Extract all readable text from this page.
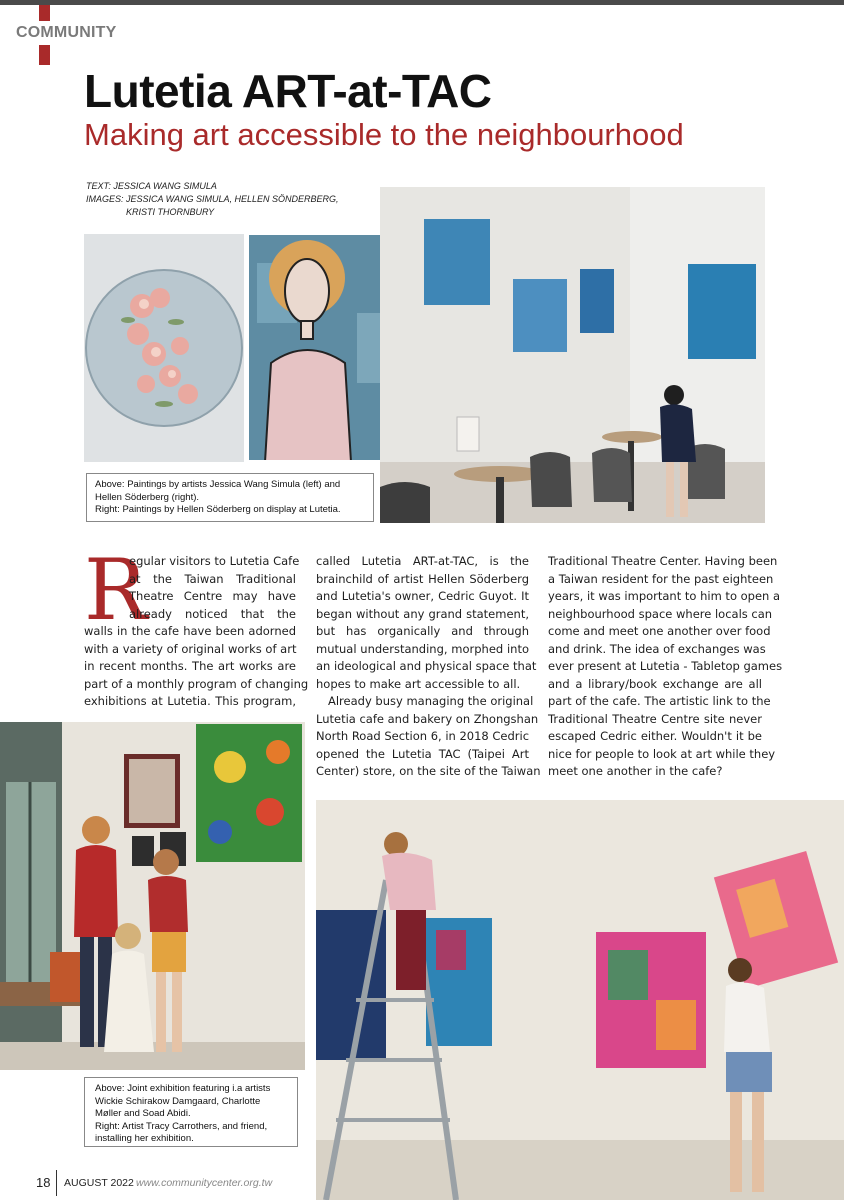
COMMUNITY
Lutetia ART-at-TAC
Making art accessible to the neighbourhood
TEXT: JESSICA WANG SIMULA
IMAGES: JESSICA WANG SIMULA, HELLEN SÖNDERBERG,
KRISTI THORNBURY
Above: Paintings by artists Jessica Wang Simula (left) and
Hellen Söderberg (right).
Right: Paintings by Hellen Söderberg on display at Lutetia.
R
egular visitors to Lutetia Cafe
at the Taiwan Traditional
Theatre Centre may have
already noticed that the
walls in the cafe have been adorned
with a variety of original works of art
in recent months. The art works are
part of a monthly program of changing
exhibitions at Lutetia. This program,
called Lutetia ART-at-TAC, is the
brainchild of artist Hellen Söderberg
and Lutetia's owner, Cedric Guyot. It
began without any grand statement,
but has organically and through
mutual understanding, morphed into
an ideological and physical space that
hopes to make art accessible to all.
Already busy managing the original
Lutetia cafe and bakery on Zhongshan
North Road Section 6, in 2018 Cedric
opened the Lutetia TAC (Taipei Art
Center) store, on the site of the Taiwan
Traditional Theatre Center. Having been
a Taiwan resident for the past eighteen
years, it was important to him to open a
neighbourhood space where locals can
come and meet one another over food
and drink. The idea of exchanges was
ever present at Lutetia - Tabletop games
and a library/book exchange are all
part of the cafe. The artistic link to the
Traditional Theatre Centre site never
escaped Cedric either. Wouldn't it be
nice for people to look at art while they
meet one another in the cafe?
Above: Joint exhibition featuring i.a artists
Wickie Schirakow Damgaard, Charlotte
Møller and Soad Abidi.
Right: Artist Tracy Carrothers, and friend,
installing her exhibition.
18 AUGUST 2022 www.communitycenter.org.tw
